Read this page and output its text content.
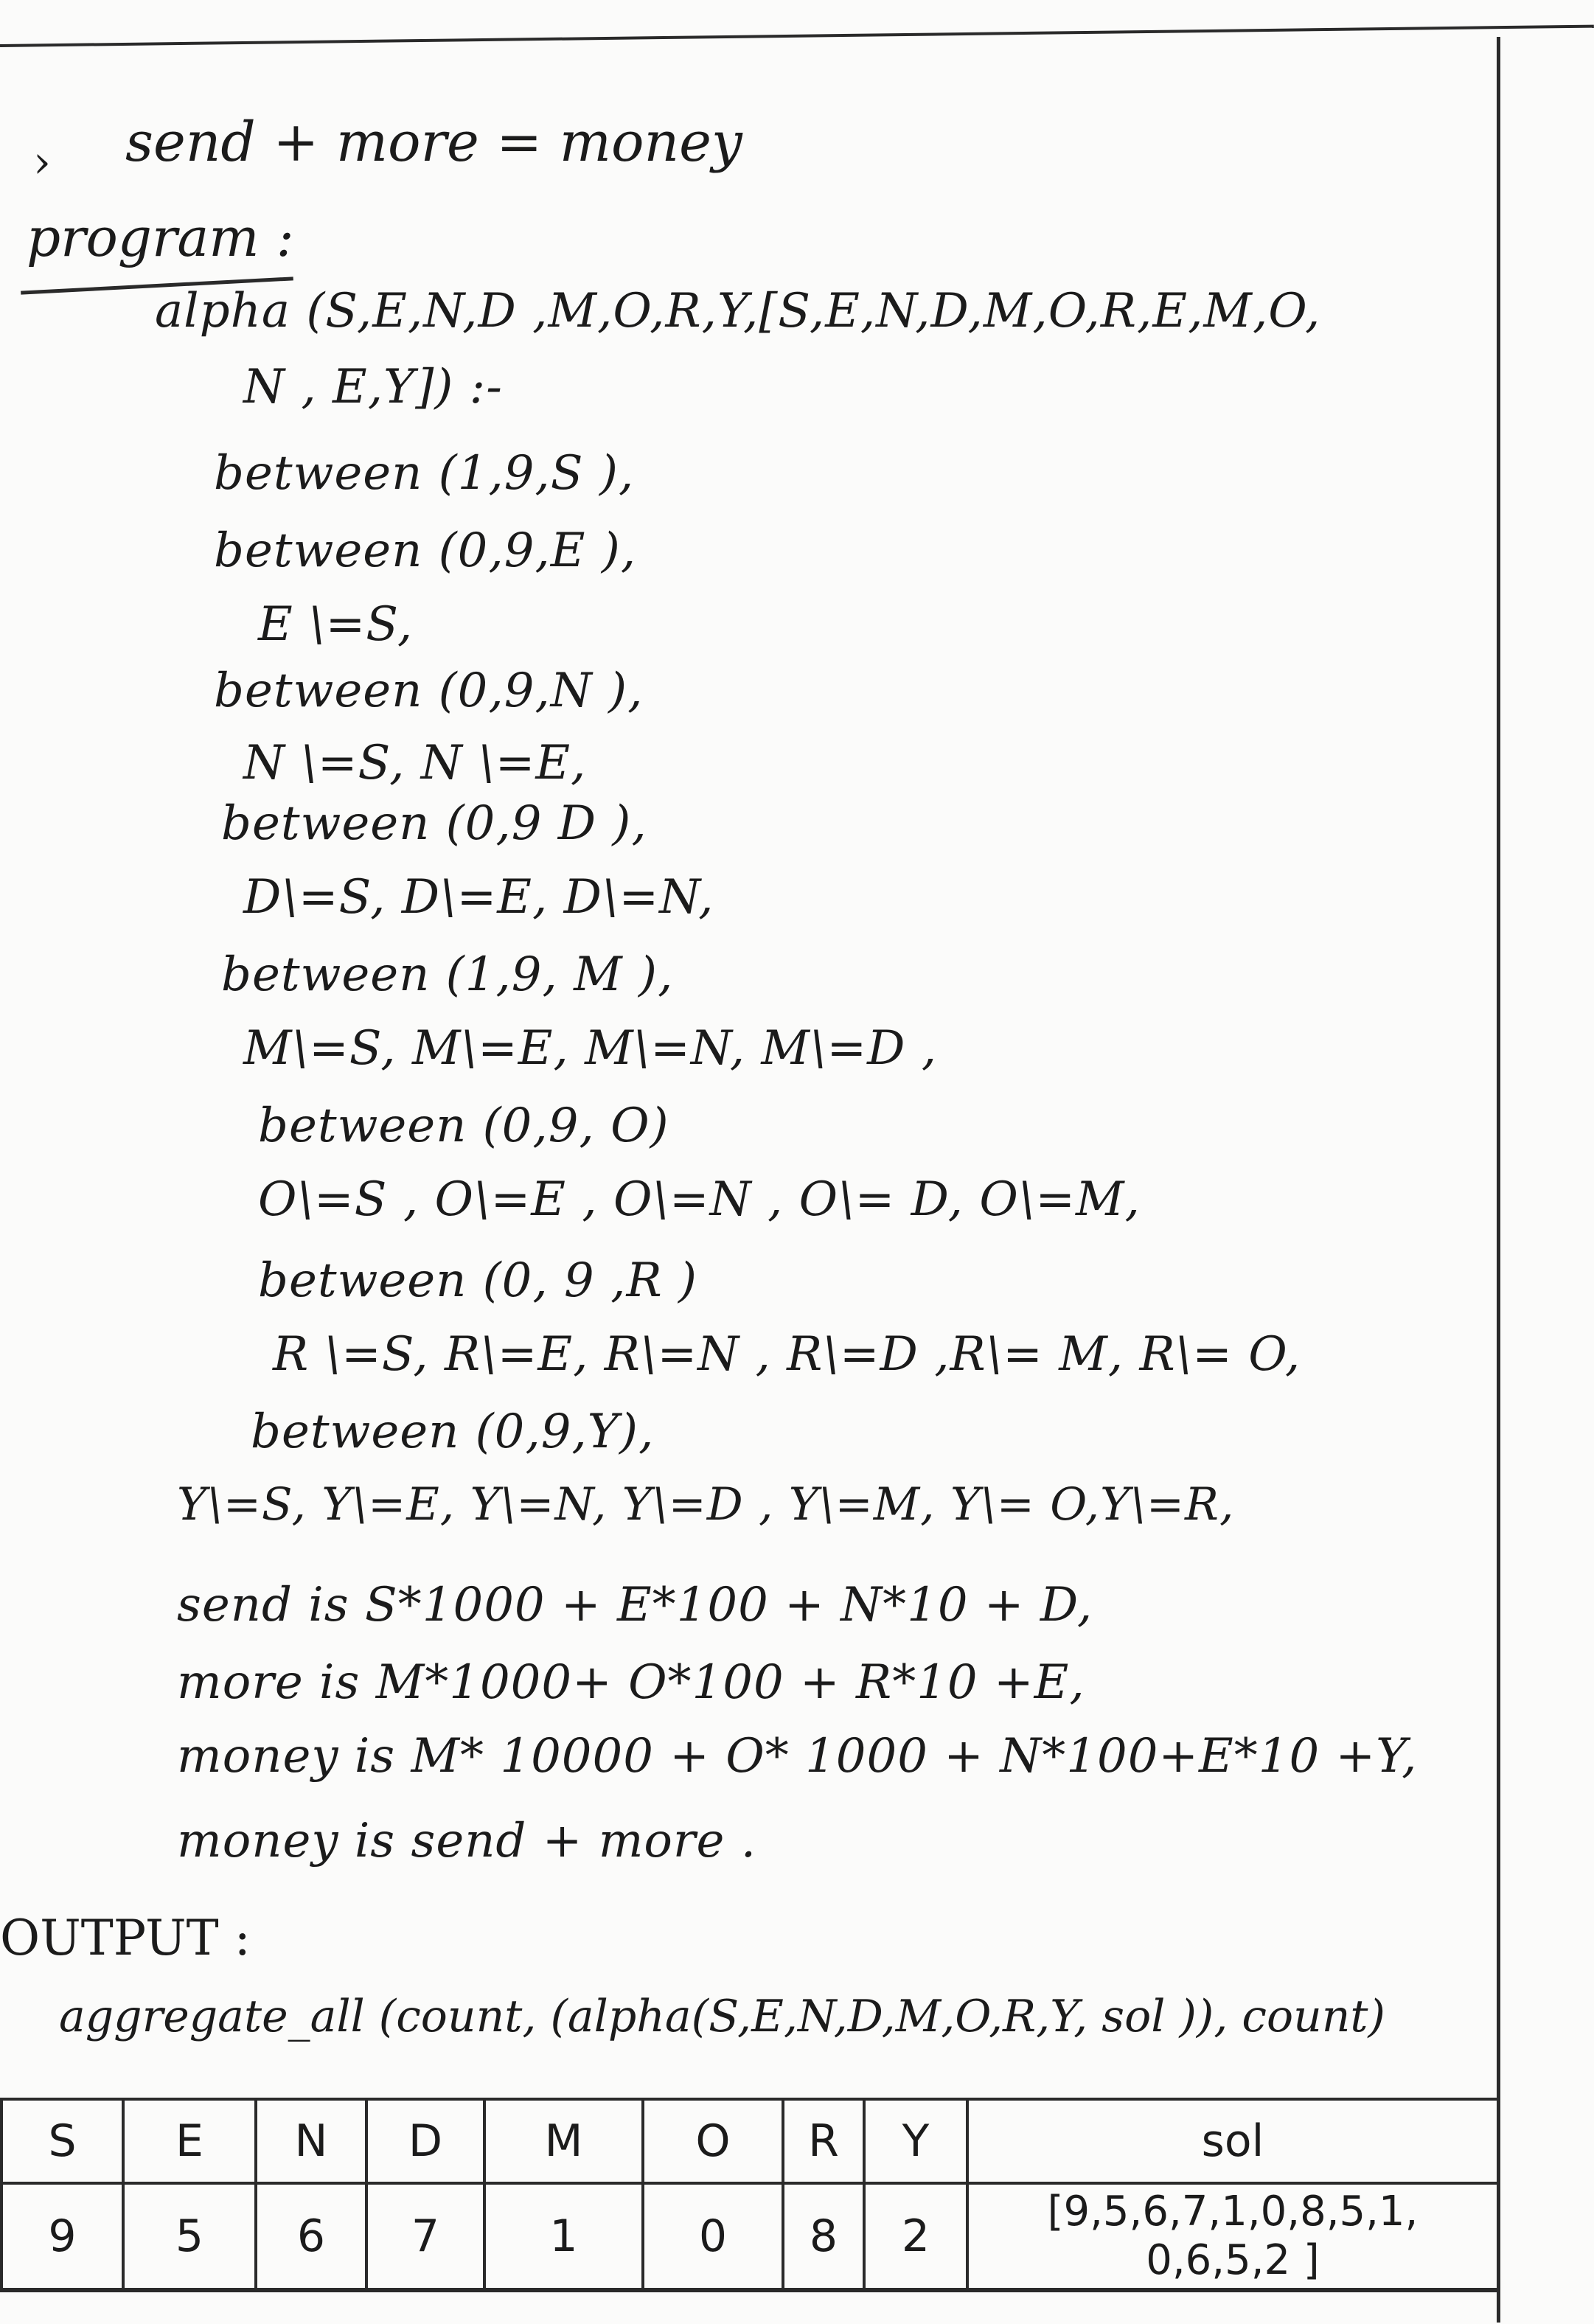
› send + more = money
program :
alpha (S,E,N,D ,M,O,R,Y,[S,E,N,D,M,O,R,E,M,O,
N , E,Y]) :-
between (1,9,S ),
between (0,9,E ),
E \=S,
between (0,9,N ),
N \=S, N \=E,
between (0,9 D ),
D\=S, D\=E, D\=N,
between (1,9, M ),
M\=S, M\=E, M\=N, M\=D ,
between (0,9, O)
O\=S , O\=E , O\=N , O\= D, O\=M,
between (0, 9 ,R )
R \=S, R\=E, R\=N , R\=D ,R\= M, R\= O,
between (0,9,Y),
Y\=S, Y\=E, Y\=N, Y\=D , Y\=M, Y\= O,Y\=R,
send is S*1000 + E*100 + N*10 + D,
more is M*1000+ O*100 + R*10 +E,
money is M* 10000 + O* 1000 + N*100+E*10 +Y,
money is send + more .
OUTPUT :
aggregate_all (count, (alpha(S,E,N,D,M,O,R,Y, sol )), count)
S	E	N	D	M	O	R	Y	sol
9	5	6	7	1	0	8	2	[9,5,6,7,1,0,8,5,1, 0,6,5,2 ]
